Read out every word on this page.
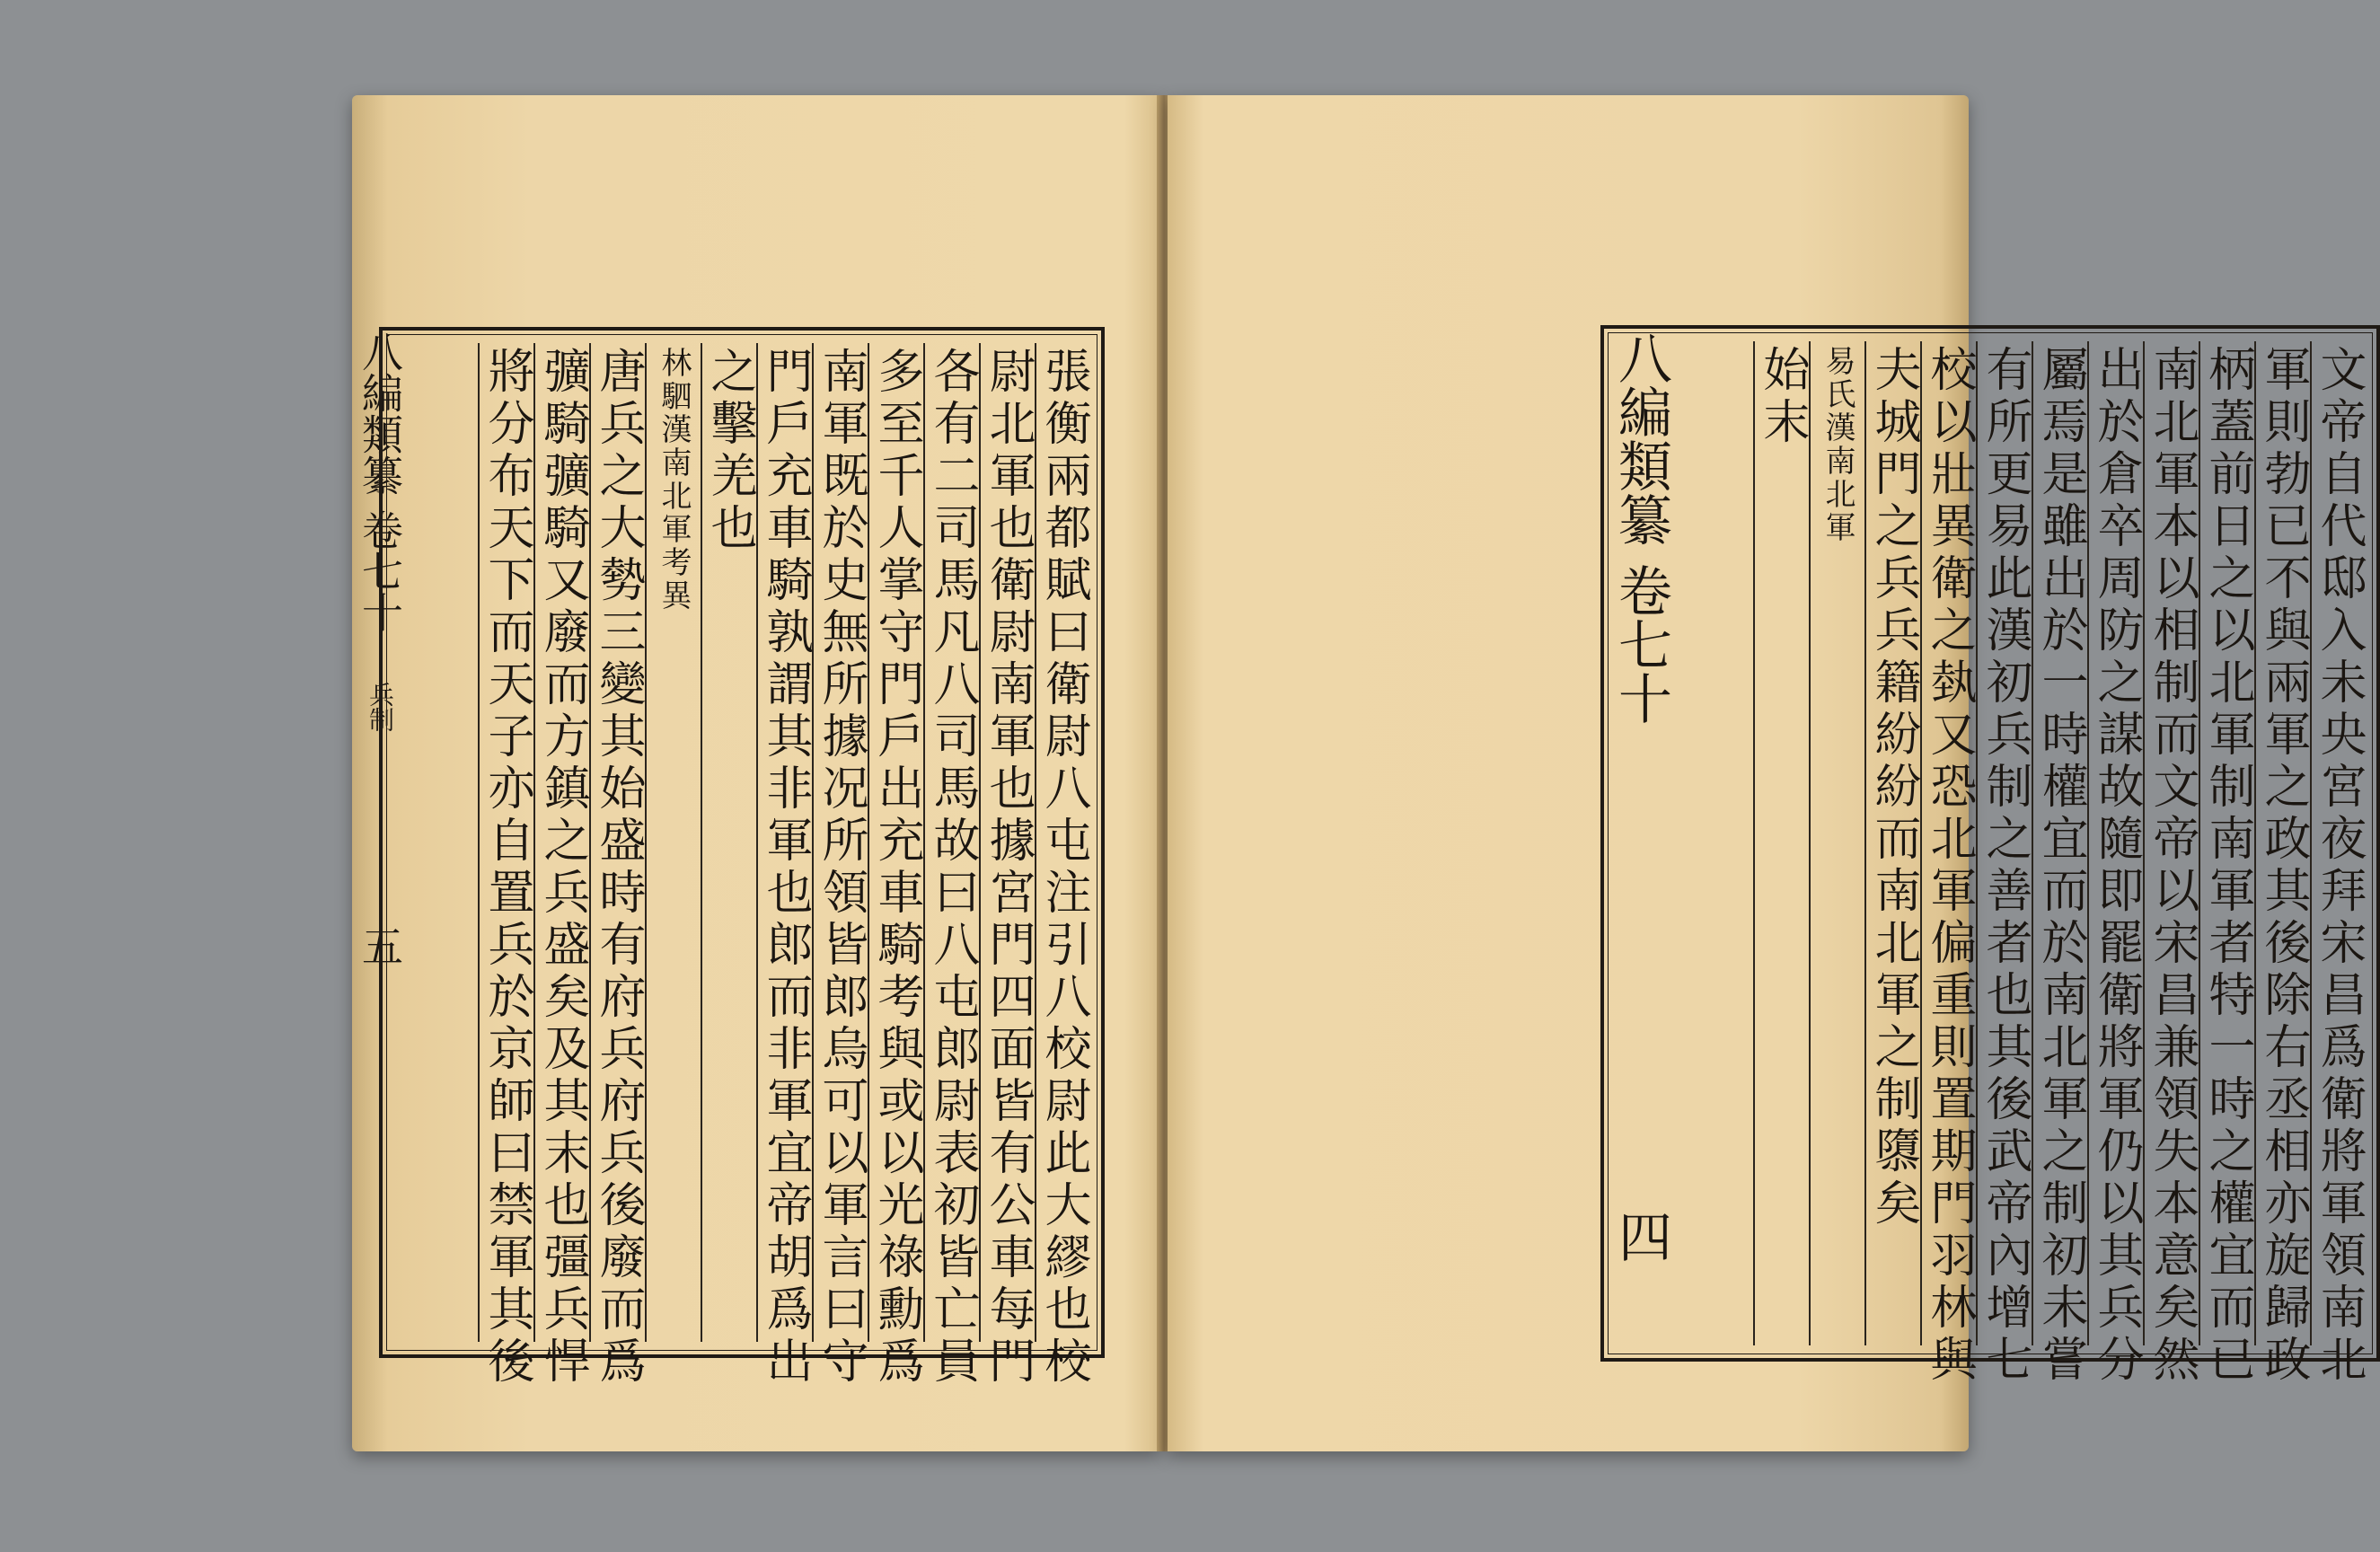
八編類纂 卷七十 兵制 五	張衡兩都賦曰衛尉八屯注引八校尉此大繆也校
尉北軍也衛尉南軍也據宮門四面皆有公車每門
各有二司馬凡八司馬故曰八屯郎尉表初皆亡員
多至千人掌守門戶出充車騎考與或以光祿勳爲
南軍既於史無所據况所領皆郎烏可以軍言曰守
門戶充車騎孰謂其非軍也郎而非軍宜帝胡爲出
之擊羌也
林駟漢南北軍考異
唐兵之大勢三變其始盛時有府兵府兵後廢而爲
彍騎彍騎又廢而方鎮之兵盛矣及其末也彊兵悍
將分布天下而天子亦自置兵於京師曰禁軍其後	文帝自代邸入未央宮夜拜宋昌爲衛將軍領南北
軍則勃已不與兩軍之政其後除右丞相亦旋歸政
柄蓋前日之以北軍制南軍者特一時之權宜而已
南北軍本以相制而文帝以宋昌兼領失本意矣然
出於倉卒周防之謀故隨即罷衛將軍仍以其兵分
屬焉是雖出於一時權宜而於南北軍之制初未嘗
有所更易此漢初兵制之善者也其後武帝內增七
校以壯異衛之埶又恐北軍偏重則置期門羽林與
夫城門之兵兵籍紛紛而南北軍之制隳矣
易氏漢南北軍
始末
八編類纂 卷七十 四
